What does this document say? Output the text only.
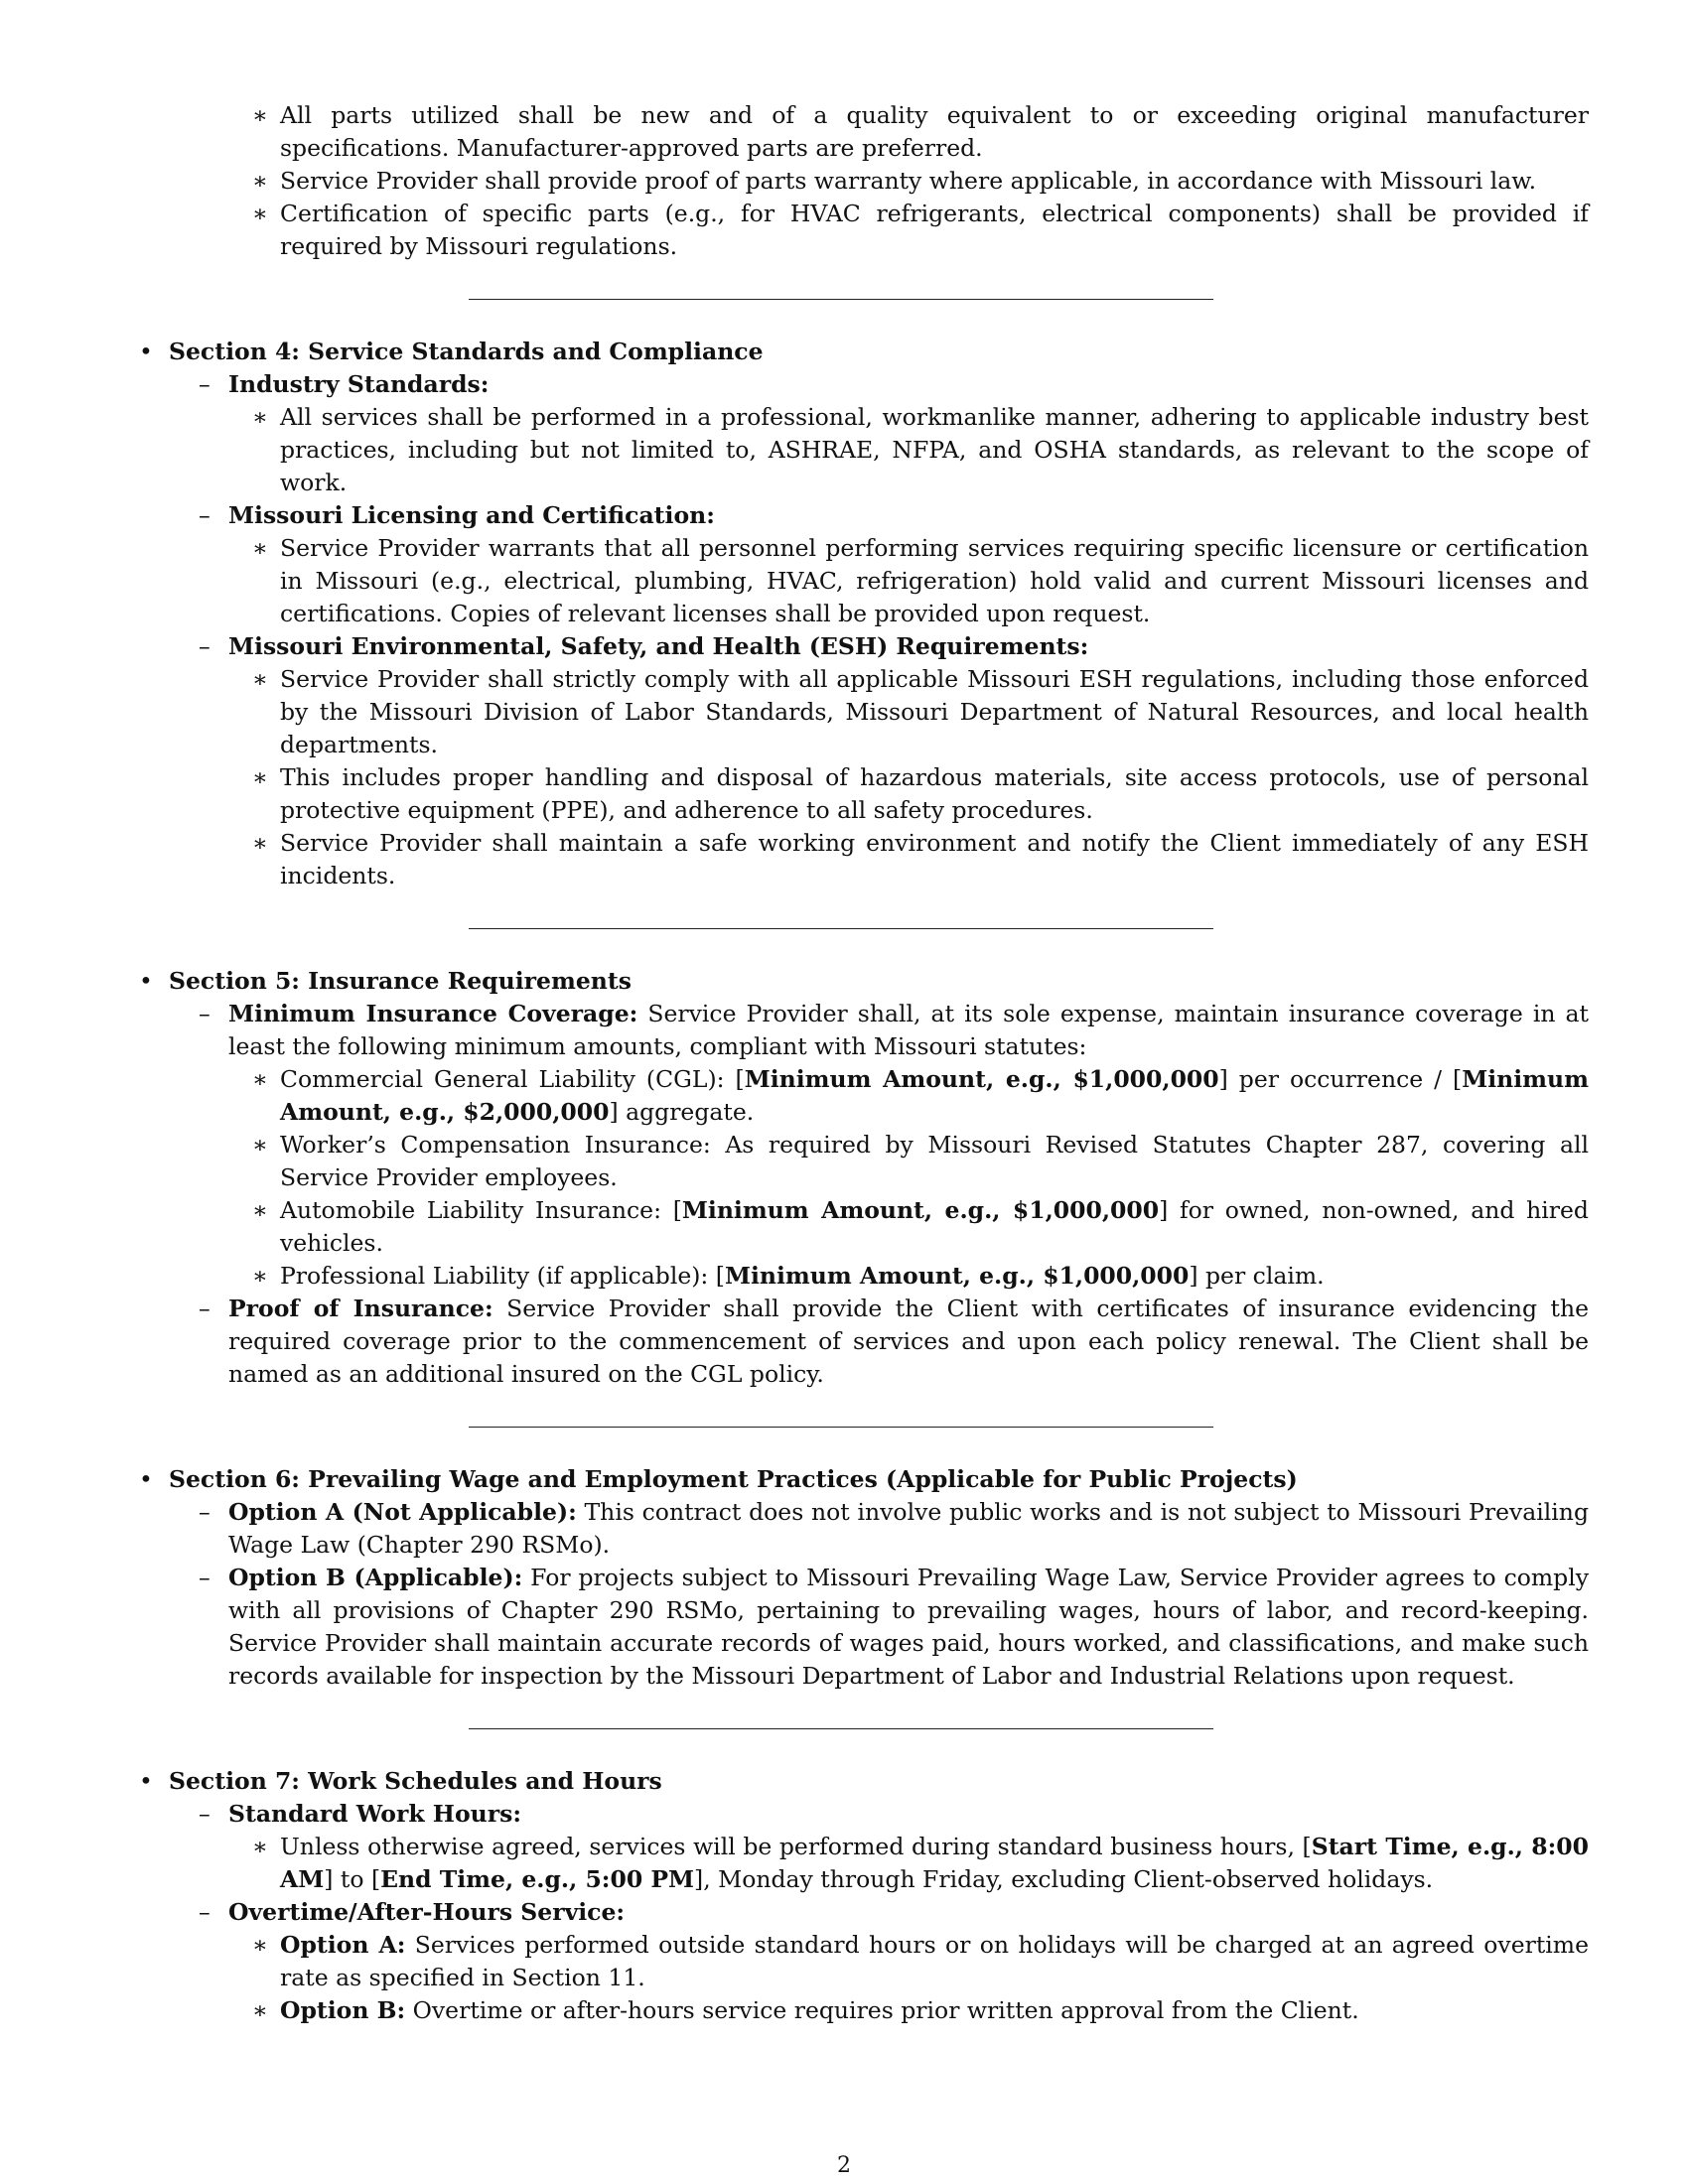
∗ All parts utilized shall be new and of a quality equivalent to or exceeding original manufacturer specifications. Manufacturer-approved parts are preferred.
∗ Service Provider shall provide proof of parts warranty where applicable, in accordance with Missouri law.
∗ Certification of specific parts (e.g., for HVAC refrigerants, electrical components) shall be provided if required by Missouri regulations.
• Section 4: Service Standards and Compliance
– Industry Standards:
∗ All services shall be performed in a professional, workmanlike manner, adhering to applicable industry best practices, including but not limited to, ASHRAE, NFPA, and OSHA standards, as relevant to the scope of work.
– Missouri Licensing and Certification:
∗ Service Provider warrants that all personnel performing services requiring specific licensure or certification in Missouri (e.g., electrical, plumbing, HVAC, refrigeration) hold valid and current Missouri licenses and certifications. Copies of relevant licenses shall be provided upon request.
– Missouri Environmental, Safety, and Health (ESH) Requirements:
∗ Service Provider shall strictly comply with all applicable Missouri ESH regulations, including those enforced by the Missouri Division of Labor Standards, Missouri Department of Natural Resources, and local health departments.
∗ This includes proper handling and disposal of hazardous materials, site access protocols, use of personal protective equipment (PPE), and adherence to all safety procedures.
∗ Service Provider shall maintain a safe working environment and notify the Client immediately of any ESH incidents.
• Section 5: Insurance Requirements
– Minimum Insurance Coverage: Service Provider shall, at its sole expense, maintain insurance coverage in at least the following minimum amounts, compliant with Missouri statutes:
∗ Commercial General Liability (CGL): [Minimum Amount, e.g., $1,000,000] per occurrence / [Minimum Amount, e.g., $2,000,000] aggregate.
∗ Worker’s Compensation Insurance: As required by Missouri Revised Statutes Chapter 287, covering all Service Provider employees.
∗ Automobile Liability Insurance: [Minimum Amount, e.g., $1,000,000] for owned, non-owned, and hired vehicles.
∗ Professional Liability (if applicable): [Minimum Amount, e.g., $1,000,000] per claim.
– Proof of Insurance: Service Provider shall provide the Client with certificates of insurance evidencing the required coverage prior to the commencement of services and upon each policy renewal. The Client shall be named as an additional insured on the CGL policy.
• Section 6: Prevailing Wage and Employment Practices (Applicable for Public Projects)
– Option A (Not Applicable): This contract does not involve public works and is not subject to Missouri Prevailing Wage Law (Chapter 290 RSMo).
– Option B (Applicable): For projects subject to Missouri Prevailing Wage Law, Service Provider agrees to comply with all provisions of Chapter 290 RSMo, pertaining to prevailing wages, hours of labor, and record-keeping. Service Provider shall maintain accurate records of wages paid, hours worked, and classifications, and make such records available for inspection by the Missouri Department of Labor and Industrial Relations upon request.
• Section 7: Work Schedules and Hours
– Standard Work Hours:
∗ Unless otherwise agreed, services will be performed during standard business hours, [Start Time, e.g., 8:00 AM] to [End Time, e.g., 5:00 PM], Monday through Friday, excluding Client-observed holidays.
– Overtime/After-Hours Service:
∗ Option A: Services performed outside standard hours or on holidays will be charged at an agreed overtime rate as specified in Section 11.
∗ Option B: Overtime or after-hours service requires prior written approval from the Client.
2
